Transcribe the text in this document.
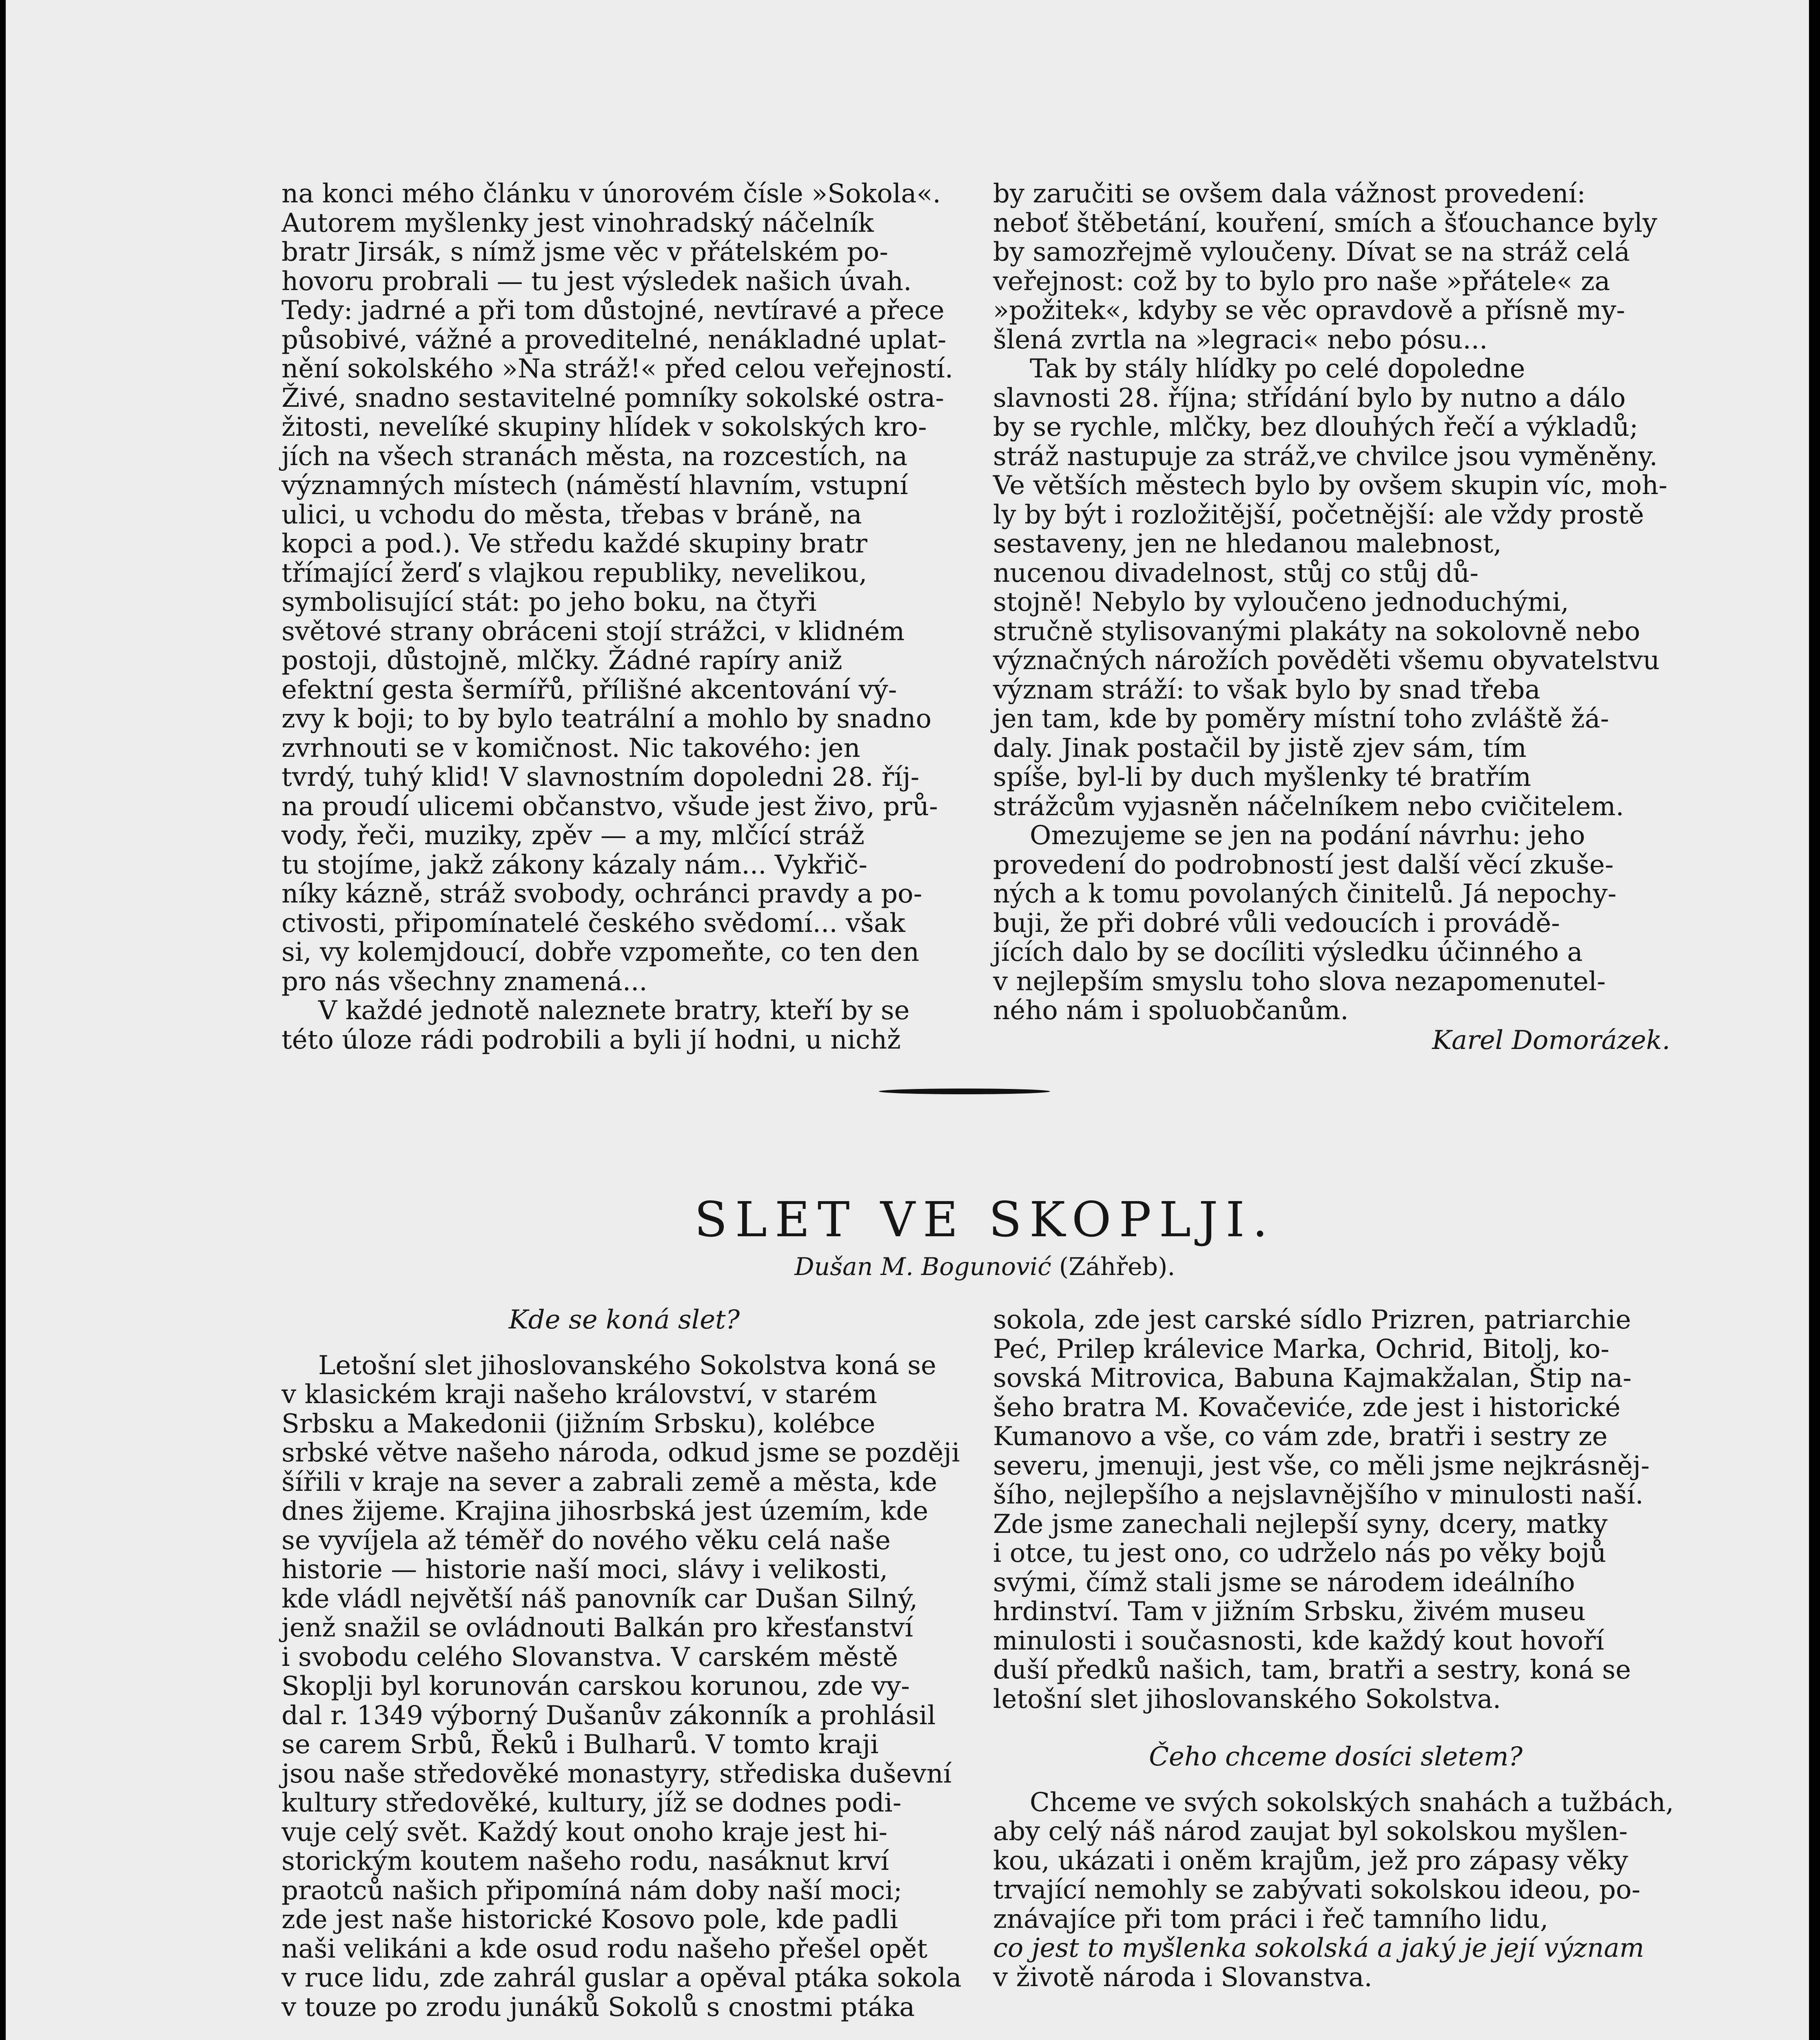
na konci mého článku v únorovém čísle »Sokola«.
Autorem myšlenky jest vinohradský náčelník
bratr Jirsák, s nímž jsme věc v přátelském po-
hovoru probrali — tu jest výsledek našich úvah.
Tedy: jadrné a při tom důstojné, nevtíravé a přece
působivé, vážné a proveditelné, nenákladné uplat-
nění sokolského »Na stráž!« před celou veřejností.
Živé, snadno sestavitelné pomníky sokolské ostra-
žitosti, nevelíké skupiny hlídek v sokolských kro-
jích na všech stranách města, na rozcestích, na
významných místech (náměstí hlavním, vstupní
ulici, u vchodu do města, třebas v bráně, na
kopci a pod.). Ve středu každé skupiny bratr
třímající žerď s vlajkou republiky, nevelikou,
symbolisující stát: po jeho boku, na čtyři
světové strany obráceni stojí strážci, v klidném
postoji, důstojně, mlčky. Žádné rapíry aniž
efektní gesta šermířů, přílišné akcentování vý-
zvy k boji; to by bylo teatrální a mohlo by snadno
zvrhnouti se v komičnost. Nic takového: jen
tvrdý, tuhý klid! V slavnostním dopoledni 28. říj-
na proudí ulicemi občanstvo, všude jest živo, prů-
vody, řeči, muziky, zpěv — a my, mlčící stráž
tu stojíme, jakž zákony kázaly nám... Vykřič-
níky kázně, stráž svobody, ochránci pravdy a po-
ctivosti, připomínatelé českého svědomí... však
si, vy kolemjdoucí, dobře vzpomeňte, co ten den
pro nás všechny znamená...
V každé jednotě naleznete bratry, kteří by se
této úloze rádi podrobili a byli jí hodni, u nichž
by zaručiti se ovšem dala vážnost provedení:
neboť štěbetání, kouření, smích a šťouchance byly
by samozřejmě vyloučeny. Dívat se na stráž celá
veřejnost: což by to bylo pro naše »přátele« za
»požitek«, kdyby se věc opravdově a přísně my-
šlená zvrtla na »legraci« nebo pósu...
Tak by stály hlídky po celé dopoledne
slavnosti 28. října; střídání bylo by nutno a dálo
by se rychle, mlčky, bez dlouhých řečí a výkladů;
stráž nastupuje za stráž,ve chvilce jsou vyměněny.
Ve větších městech bylo by ovšem skupin víc, moh-
ly by být i rozložitější, početnější: ale vždy prostě
sestaveny, jen ne hledanou malebnost,
nucenou divadelnost, stůj co stůj dů-
stojně! Nebylo by vyloučeno jednoduchými,
stručně stylisovanými plakáty na sokolovně nebo
význačných nárožích pověděti všemu obyvatelstvu
význam stráží: to však bylo by snad třeba
jen tam, kde by poměry místní toho zvláště žá-
daly. Jinak postačil by jistě zjev sám, tím
spíše, byl-li by duch myšlenky té bratřím
strážcům vyjasněn náčelníkem nebo cvičitelem.
Omezujeme se jen na podání návrhu: jeho
provedení do podrobností jest další věcí zkuše-
ných a k tomu povolaných činitelů. Já nepochy-
buji, že při dobré vůli vedoucích i provádě-
jících dalo by se docíliti výsledku účinného a
v nejlepším smyslu toho slova nezapomenutel-
ného nám i spoluobčanům.

Karel Domorázek.

SLET VE SKOPLJI.
Dušan M. Bogunović (Záhřeb).

Kde se koná slet?

Letošní slet jihoslovanského Sokolstva koná se
v klasickém kraji našeho království, v starém
Srbsku a Makedonii (jižním Srbsku), kolébce
srbské větve našeho národa, odkud jsme se později
šířili v kraje na sever a zabrali země a města, kde
dnes žijeme. Krajina jihosrbská jest územím, kde
se vyvíjela až téměř do nového věku celá naše
historie — historie naší moci, slávy i velikosti,
kde vládl největší náš panovník car Dušan Silný,
jenž snažil se ovládnouti Balkán pro křesťanství
i svobodu celého Slovanstva. V carském městě
Skoplji byl korunován carskou korunou, zde vy-
dal r. 1349 výborný Dušanův zákonník a prohlásil
se carem Srbů, Řeků i Bulharů. V tomto kraji
jsou naše středověké monastyry, střediska duševní
kultury středověké, kultury, jíž se dodnes podi-
vuje celý svět. Každý kout onoho kraje jest hi-
storickým koutem našeho rodu, nasáknut krví
praotců našich připomíná nám doby naší moci;
zde jest naše historické Kosovo pole, kde padli
naši velikáni a kde osud rodu našeho přešel opět
v ruce lidu, zde zahrál guslar a opěval ptáka sokola
v touze po zrodu junáků Sokolů s cnostmi ptáka
sokola, zde jest carské sídlo Prizren, patriarchie
Peć, Prilep králevice Marka, Ochrid, Bitolj, ko-
sovská Mitrovica, Babuna Kajmakžalan, Štip na-
šeho bratra M. Kovačeviće, zde jest i historické
Kumanovo a vše, co vám zde, bratři i sestry ze
severu, jmenuji, jest vše, co měli jsme nejkrásněj-
šího, nejlepšího a nejslavnějšího v minulosti naší.
Zde jsme zanechali nejlepší syny, dcery, matky
i otce, tu jest ono, co udrželo nás po věky bojů
svými, čímž stali jsme se národem ideálního
hrdinství. Tam v jižním Srbsku, živém museu
minulosti i současnosti, kde každý kout hovoří
duší předků našich, tam, bratři a sestry, koná se
letošní slet jihoslovanského Sokolstva.

Čeho chceme dosíci sletem?

Chceme ve svých sokolských snahách a tužbách,
aby celý náš národ zaujat byl sokolskou myšlen-
kou, ukázati i oněm krajům, jež pro zápasy věky
trvající nemohly se zabývati sokolskou ideou, po-
znávajíce při tom práci i řeč tamního lidu,

co jest to myšlenka sokolská a jaký je její význam

v životě národa i Slovanstva.
